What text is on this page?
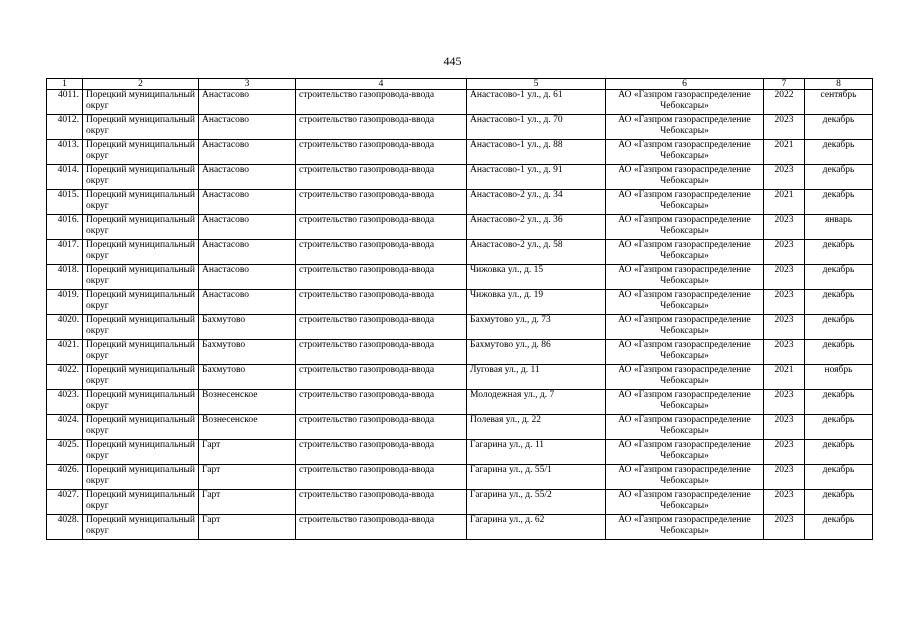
445
1	2	3	4	5	6	7	8
4011.	Порецкий муниципальный округ	Анастасово	строительство газопровода-ввода	Анастасово-1 ул., д. 61	АО «Газпром газораспределение Чебоксары»	2022	сентябрь
4012.	Порецкий муниципальный округ	Анастасово	строительство газопровода-ввода	Анастасово-1 ул., д. 70	АО «Газпром газораспределение Чебоксары»	2023	декабрь
4013.	Порецкий муниципальный округ	Анастасово	строительство газопровода-ввода	Анастасово-1 ул., д. 88	АО «Газпром газораспределение Чебоксары»	2021	декабрь
4014.	Порецкий муниципальный округ	Анастасово	строительство газопровода-ввода	Анастасово-1 ул., д. 91	АО «Газпром газораспределение Чебоксары»	2023	декабрь
4015.	Порецкий муниципальный округ	Анастасово	строительство газопровода-ввода	Анастасово-2 ул., д. 34	АО «Газпром газораспределение Чебоксары»	2021	декабрь
4016.	Порецкий муниципальный округ	Анастасово	строительство газопровода-ввода	Анастасово-2 ул., д. 36	АО «Газпром газораспределение Чебоксары»	2023	январь
4017.	Порецкий муниципальный округ	Анастасово	строительство газопровода-ввода	Анастасово-2 ул., д. 58	АО «Газпром газораспределение Чебоксары»	2023	декабрь
4018.	Порецкий муниципальный округ	Анастасово	строительство газопровода-ввода	Чижовка ул., д. 15	АО «Газпром газораспределение Чебоксары»	2023	декабрь
4019.	Порецкий муниципальный округ	Анастасово	строительство газопровода-ввода	Чижовка ул., д. 19	АО «Газпром газораспределение Чебоксары»	2023	декабрь
4020.	Порецкий муниципальный округ	Бахмутово	строительство газопровода-ввода	Бахмутово ул., д. 73	АО «Газпром газораспределение Чебоксары»	2023	декабрь
4021.	Порецкий муниципальный округ	Бахмутово	строительство газопровода-ввода	Бахмутово ул., д. 86	АО «Газпром газораспределение Чебоксары»	2023	декабрь
4022.	Порецкий муниципальный округ	Бахмутово	строительство газопровода-ввода	Луговая ул., д. 11	АО «Газпром газораспределение Чебоксары»	2021	ноябрь
4023.	Порецкий муниципальный округ	Вознесенское	строительство газопровода-ввода	Молодежная ул., д. 7	АО «Газпром газораспределение Чебоксары»	2023	декабрь
4024.	Порецкий муниципальный округ	Вознесенское	строительство газопровода-ввода	Полевая ул., д. 22	АО «Газпром газораспределение Чебоксары»	2023	декабрь
4025.	Порецкий муниципальный округ	Гарт	строительство газопровода-ввода	Гагарина ул., д. 11	АО «Газпром газораспределение Чебоксары»	2023	декабрь
4026.	Порецкий муниципальный округ	Гарт	строительство газопровода-ввода	Гагарина ул., д. 55/1	АО «Газпром газораспределение Чебоксары»	2023	декабрь
4027.	Порецкий муниципальный округ	Гарт	строительство газопровода-ввода	Гагарина ул., д. 55/2	АО «Газпром газораспределение Чебоксары»	2023	декабрь
4028.	Порецкий муниципальный округ	Гарт	строительство газопровода-ввода	Гагарина ул., д. 62	АО «Газпром газораспределение Чебоксары»	2023	декабрь
